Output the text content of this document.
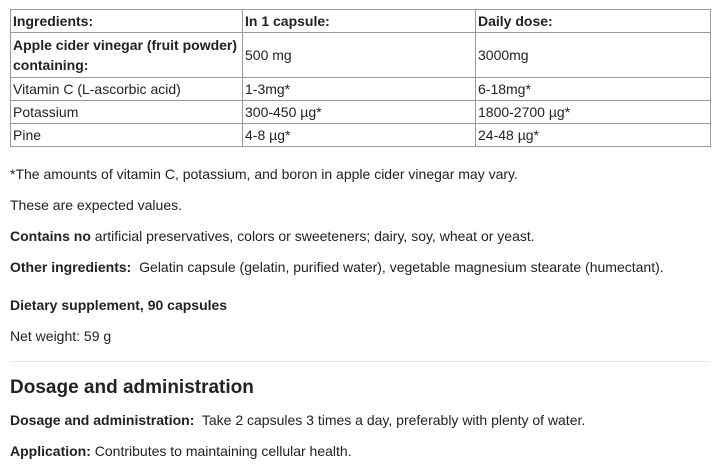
Ingredients:	In 1 capsule:	Daily dose:
Apple cider vinegar (fruit powder) containing:	500 mg	3000mg
Vitamin C (L-ascorbic acid)	1-3mg*	6-18mg*
Potassium	300-450 µg*	1800-2700 µg*
Pine	4-8 µg*	24-48 µg*

*The amounts of vitamin C, potassium, and boron in apple cider vinegar may vary.

These are expected values.

Contains no artificial preservatives, colors or sweeteners; dairy, soy, wheat or yeast.

Other ingredients:  Gelatin capsule (gelatin, purified water), vegetable magnesium stearate (humectant).

Dietary supplement, 90 capsules

Net weight: 59 g

Dosage and administration

Dosage and administration:  Take 2 capsules 3 times a day, preferably with plenty of water.

Application: Contributes to maintaining cellular health.
